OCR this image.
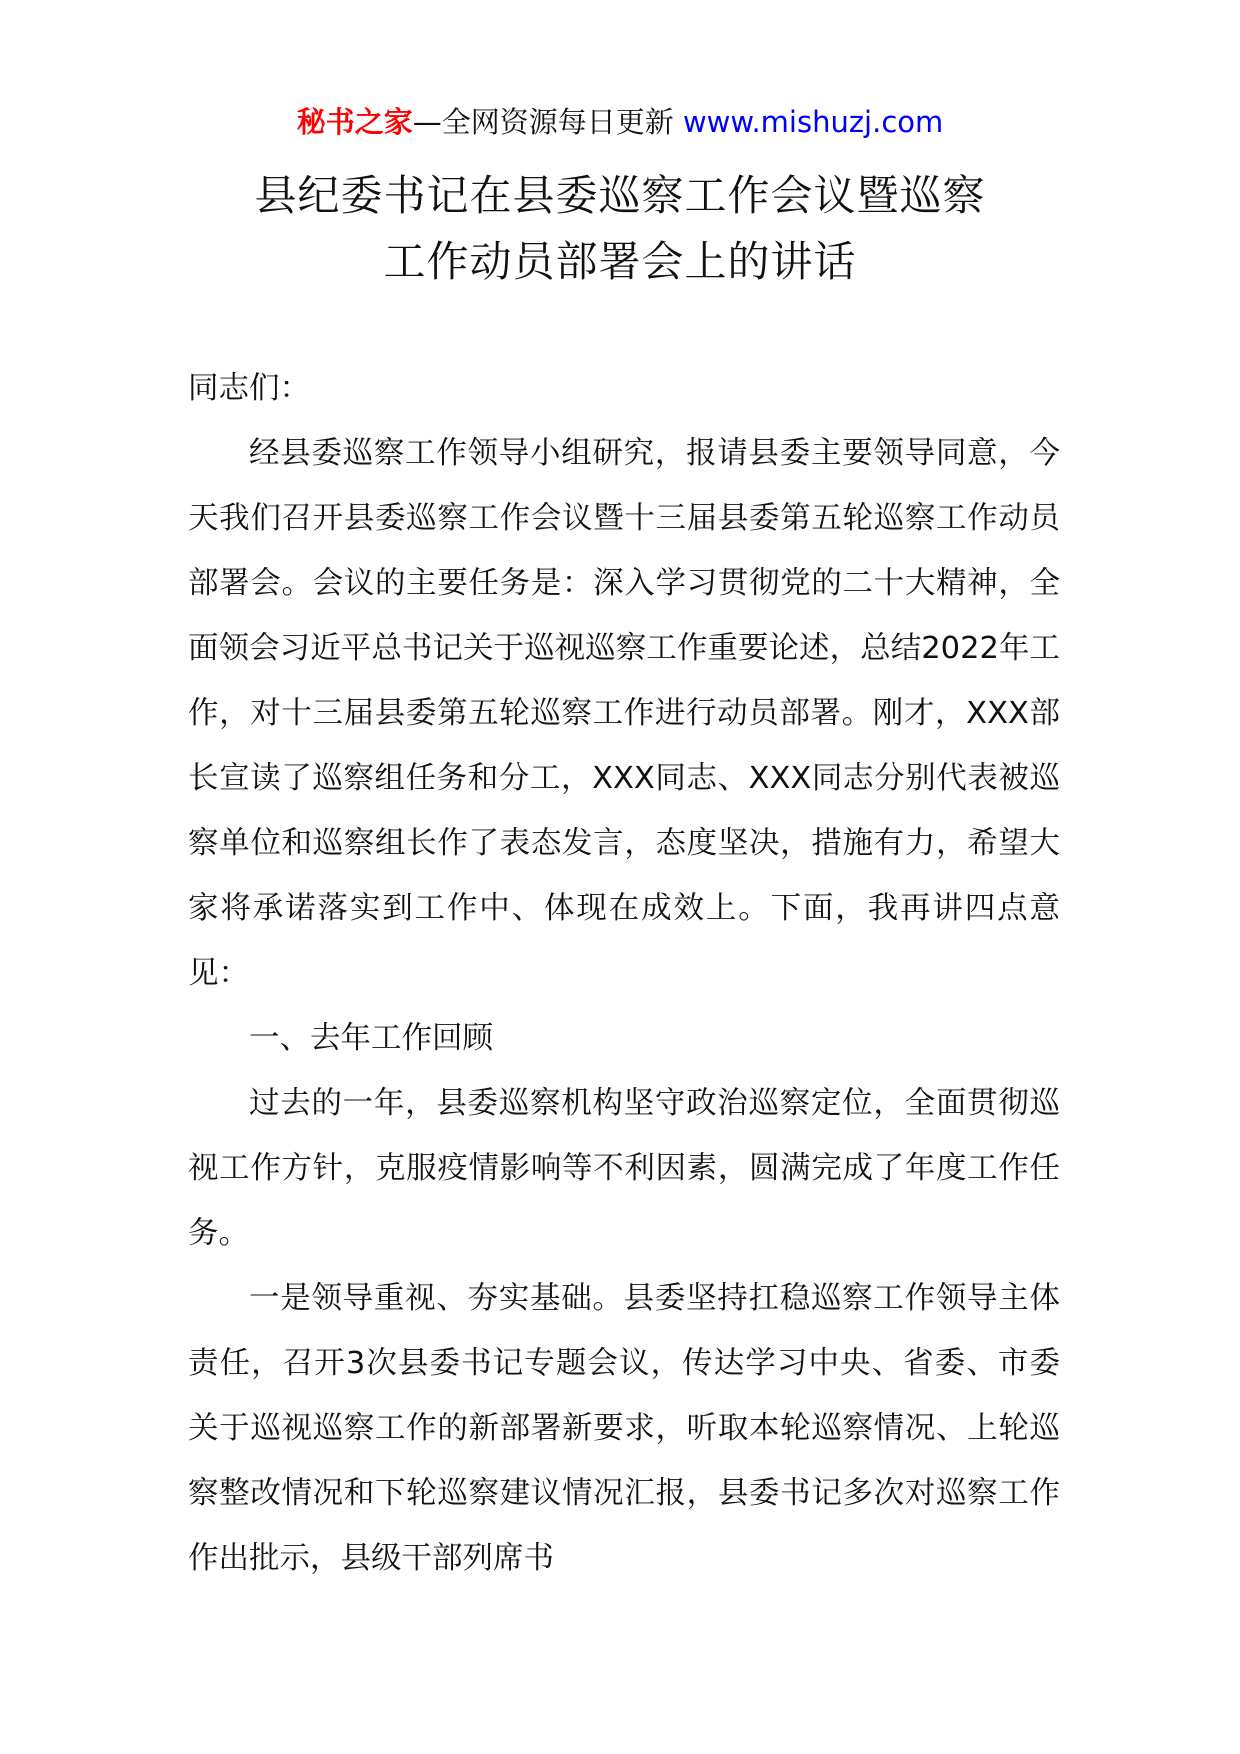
秘书之家—全网资源每日更新 www.mishuzj.com
县纪委书记在县委巡察工作会议暨巡察
工作动员部署会上的讲话

同志们：

经县委巡察工作领导小组研究，报请县委主要领导同意，今天我们召开县委巡察工作会议暨十三届县委第五轮巡察工作动员部署会。会议的主要任务是：深入学习贯彻党的二十大精神，全面领会习近平总书记关于巡视巡察工作重要论述，总结2022年工作，对十三届县委第五轮巡察工作进行动员部署。刚才，XXX部长宣读了巡察组任务和分工，XXX同志、XXX同志分别代表被巡察单位和巡察组长作了表态发言，态度坚决，措施有力，希望大家将承诺落实到工作中、体现在成效上。下面，我再讲四点意见：

一、去年工作回顾

过去的一年，县委巡察机构坚守政治巡察定位，全面贯彻巡视工作方针，克服疫情影响等不利因素，圆满完成了年度工作任务。

一是领导重视、夯实基础。县委坚持扛稳巡察工作领导主体责任，召开3次县委书记专题会议，传达学习中央、省委、市委关于巡视巡察工作的新部署新要求，听取本轮巡察情况、上轮巡察整改情况和下轮巡察建议情况汇报，县委书记多次对巡察工作作出批示，县级干部列席书
